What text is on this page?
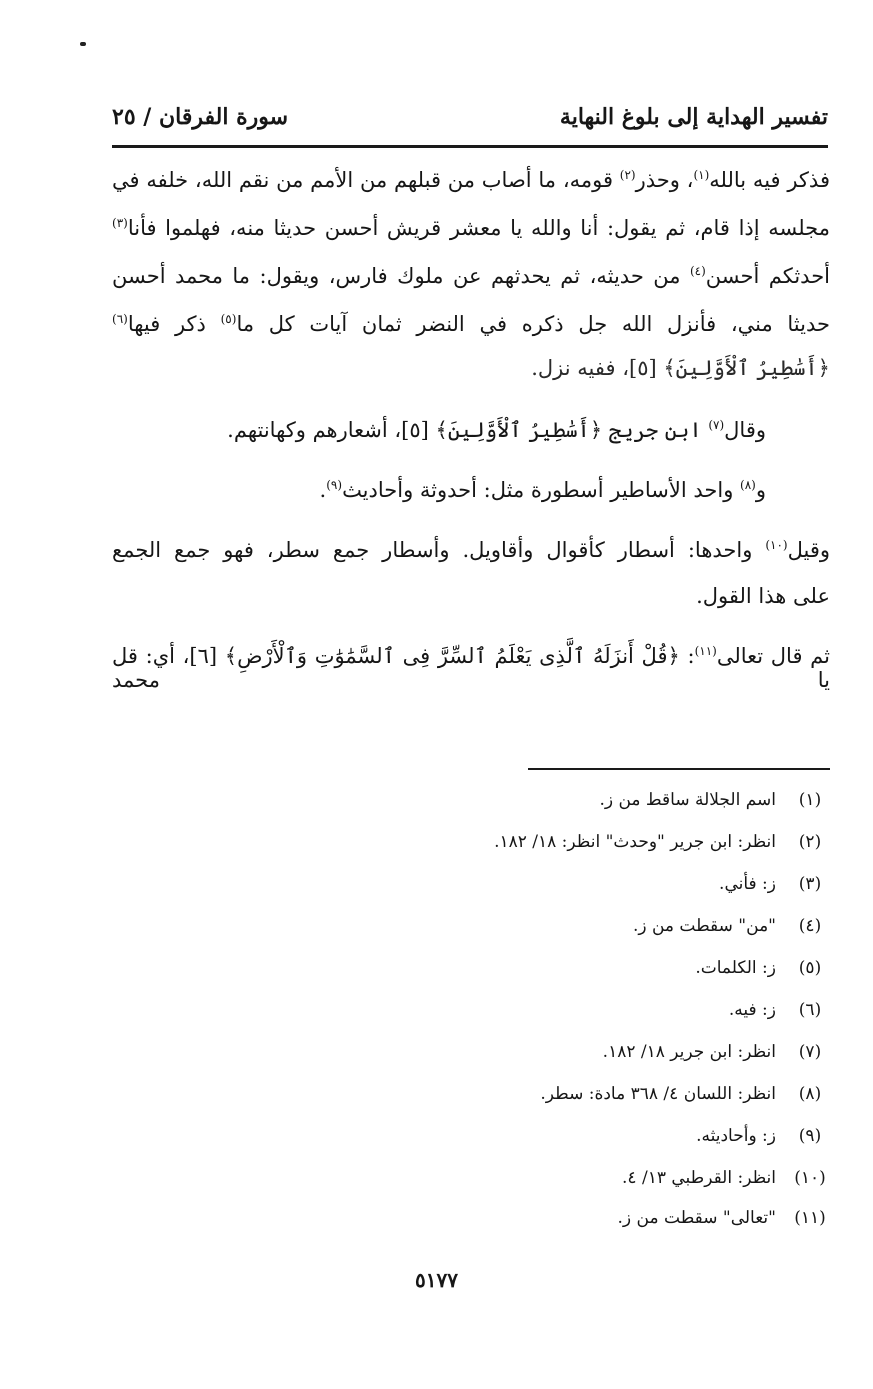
تفسير الهداية إلى بلوغ النهاية
سورة الفرقان / ٢٥
فذكر فيه بالله$^{(١)}$، وحذر$^{(٢)}$ قومه، ما أصاب من قبلهم من الأمم من نقم الله، خلفه في
مجلسه إذا قام، ثم يقول: أنا والله يا معشر قريش أحسن حديثا منه، فهلموا فأنا$^{(٣)}$
أحدثكم أحسن$^{(٤)}$ من حديثه، ثم يحدثهم عن ملوك فارس، ويقول: ما محمد أحسن
حديثا مني، فأنزل الله جل ذكره في النضر ثمان آيات كل ما$^{(٥)}$ ذكر فيها$^{(٦)}$
﴿أَسَٰطِيرُ ٱلْأَوَّلِينَ﴾ [٥]، ففيه نزل.
وقال$^{(٧)}$ ابن جريج ﴿أَسَٰطِيرُ ٱلْأَوَّلِينَ﴾ [٥]، أشعارهم وكهانتهم.
و$^{(٨)}$ واحد الأساطير أسطورة مثل: أحدوثة وأحاديث$^{(٩)}$.
وقيل$^{(١٠)}$ واحدها: أسطار كأقوال وأقاويل. وأسطار جمع سطر، فهو جمع الجمع
على هذا القول.
ثم قال تعالى$^{(١١)}$: ﴿قُلْ أَنزَلَهُ ٱلَّذِى يَعْلَمُ ٱلسِّرَّ فِى ٱلسَّمَٰوَٰتِ وَٱلْأَرْضِ﴾ [٦]، أي: قل يا محمد
(١)اسم الجلالة ساقط من ز.
(٢)انظر: ابن جرير "وحدث" انظر: ١٨/ ١٨٢.
(٣)ز: فأني.
(٤)"من" سقطت من ز.
(٥)ز: الكلمات.
(٦)ز: فيه.
(٧)انظر: ابن جرير ١٨/ ١٨٢.
(٨)انظر: اللسان ٤/ ٣٦٨ مادة: سطر.
(٩)ز: وأحاديثه.
(١٠)انظر: القرطبي ١٣/ ٤.
(١١)"تعالى" سقطت من ز.
٥١٧٧
